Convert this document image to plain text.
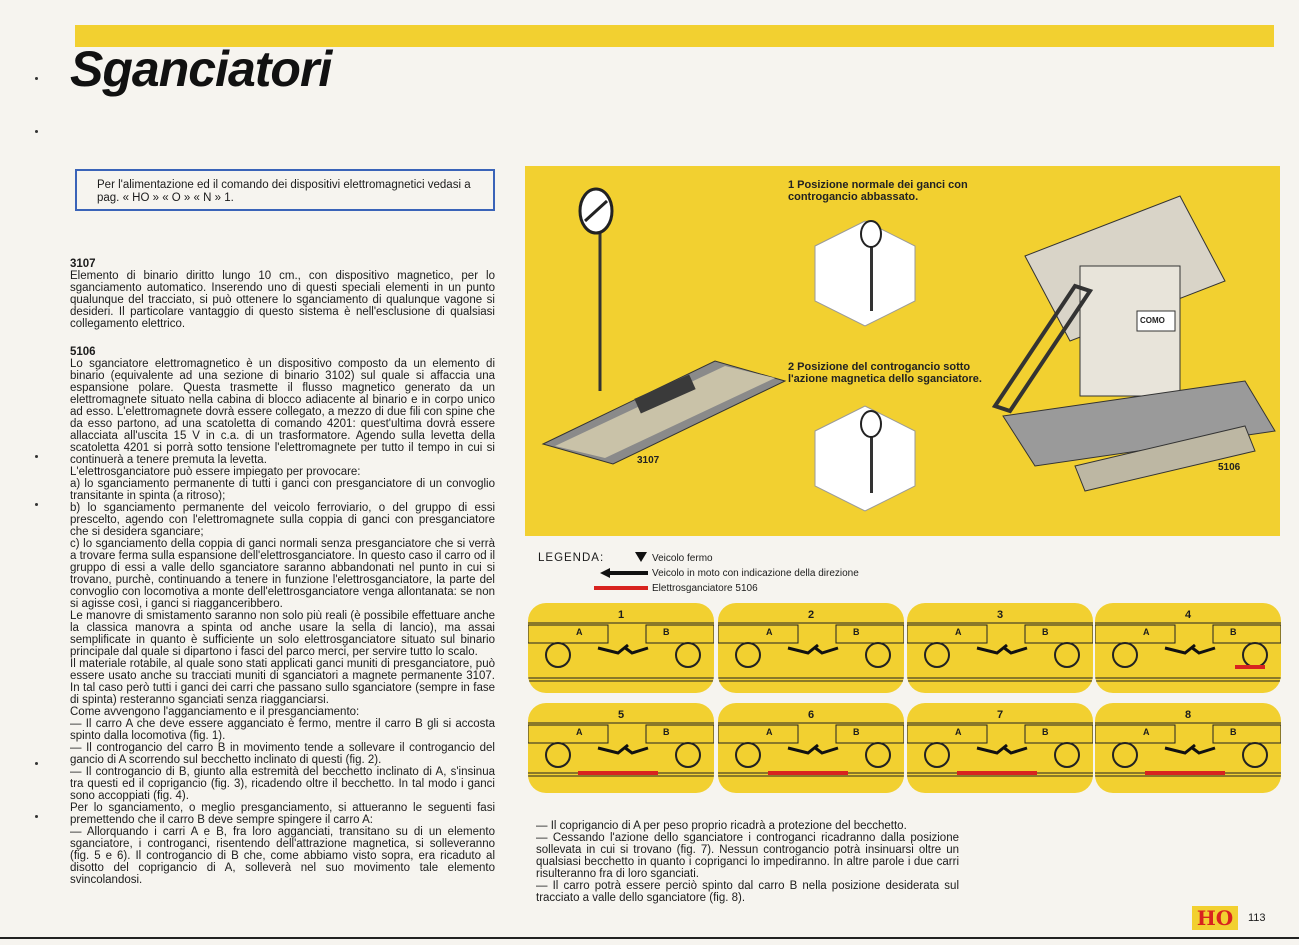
Sganciatori
Per l'alimentazione ed il comando dei dispositivi elettromagnetici vedasi a pag. « HO » « O » « N » 1.

3107

Elemento di binario diritto lungo 10 cm., con dispositivo magnetico, per lo sganciamento automatico. Inserendo uno di questi speciali elementi in un punto qualunque del tracciato, si può ottenere lo sganciamento di qualunque vagone si desideri. Il particolare vantaggio di questo sistema è nell'esclusione di qualsiasi collegamento elettrico.

5106

Lo sganciatore elettromagnetico è un dispositivo composto da un elemento di binario (equivalente ad una sezione di binario 3102) sul quale si affaccia una espansione polare. Questa trasmette il flusso magnetico generato da un elettromagnete situato nella cabina di blocco adiacente al binario e in corpo unico ad esso. L'elettromagnete dovrà essere collegato, a mezzo di due fili con spine che da esso partono, ad una scatoletta di comando 4201: quest'ultima dovrà essere allacciata all'uscita 15 V in c.a. di un trasformatore. Agendo sulla levetta della scatoletta 4201 si porrà sotto tensione l'elettromagnete per tutto il tempo in cui si continuerà a tenere premuta la levetta.
L'elettrosganciatore può essere impiegato per provocare:
a) lo sganciamento permanente di tutti i ganci con presganciatore di un convoglio transitante in spinta (a ritroso);
b) lo sganciamento permanente del veicolo ferroviario, o del gruppo di essi prescelto, agendo con l'elettromagnete sulla coppia di ganci con presganciatore che si desidera sganciare;
c) lo sganciamento della coppia di ganci normali senza presganciatore che si verrà a trovare ferma sulla espansione dell'elettrosganciatore. In questo caso il carro od il gruppo di essi a valle dello sganciatore saranno abbandonati nel punto in cui si trovano, purchè, continuando a tenere in funzione l'elettrosganciatore, la parte del convoglio con locomotiva a monte dell'elettrosganciatore venga allontanata: se non si agisse così, i ganci si riagganceribbero.
Le manovre di smistamento saranno non solo più reali (è possibile effettuare anche la classica manovra a spinta od anche usare la sella di lancio), ma assai semplificate in quanto è sufficiente un solo elettrosganciatore situato sul binario principale dal quale si dipartono i fasci del parco merci, per servire tutto lo scalo.
Il materiale rotabile, al quale sono stati applicati ganci muniti di presganciatore, può essere usato anche su tracciati muniti di sganciatori a magnete permanente 3107. In tal caso però tutti i ganci dei carri che passano sullo sganciatore (sempre in fase di spinta) resteranno sganciati senza riagganciarsi.
Come avvengono l'agganciamento e il presganciamento:
— Il carro A che deve essere agganciato è fermo, mentre il carro B gli si accosta spinto dalla locomotiva (fig. 1).
— Il controgancio del carro B in movimento tende a sollevare il controgancio del gancio di A scorrendo sul becchetto inclinato di questi (fig. 2).
— Il controgancio di B, giunto alla estremità del becchetto inclinato di A, s'insinua tra questi ed il coprigancio (fig. 3), ricadendo oltre il becchetto. In tal modo i ganci sono accoppiati (fig. 4).
Per lo sganciamento, o meglio presganciamento, si attueranno le seguenti fasi premettendo che il carro B deve sempre spingere il carro A:
— Allorquando i carri A e B, fra loro agganciati, transitano su di un elemento sganciatore, i controganci, risentendo dell'attrazione magnetica, si solleveranno (fig. 5 e 6). Il controgancio di B che, come abbiamo visto sopra, era ricaduto al disotto del coprigancio di A, solleverà nel suo movimento tale elemento svincolandosi.

3107
5106
COMO
1 Posizione normale dei ganci con controgancio abbassato.
2 Posizione del controgancio sotto l'azione magnetica dello sganciatore.
LEGENDA:	Veicolo fermo
Veicolo in moto con indicazione della direzione
Elettrosganciatore 5106
1
A	B
2
A	B
3
A	B
4
A	B
5
A	B
6
A	B
7
A	B
8
A	B

— Il coprigancio di A per peso proprio ricadrà a protezione del becchetto.
— Cessando l'azione dello sganciatore i controganci ricadranno dalla posizione sollevata in cui si trovano (fig. 7). Nessun controgancio potrà insinuarsi oltre un qualsiasi becchetto in quanto i copriganci lo impediranno. In altre parole i due carri risulteranno fra di loro sganciati.
— Il carro potrà essere perciò spinto dal carro B nella posizione desiderata sul tracciato a valle dello sganciatore (fig. 8).

HO	113
